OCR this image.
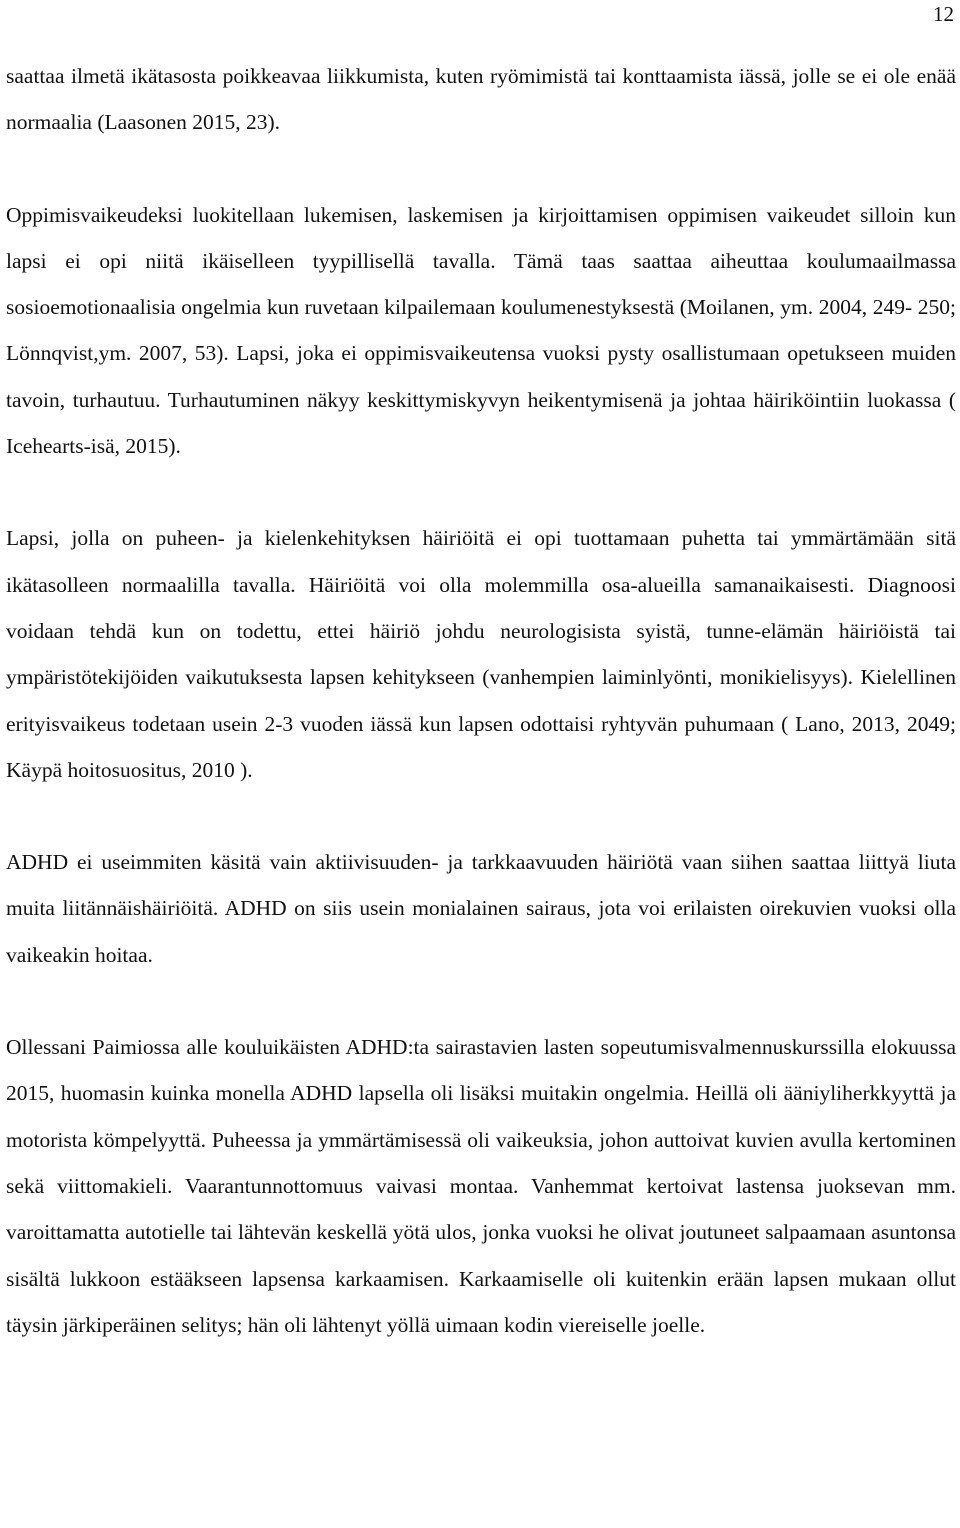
12

saattaa ilmetä ikätasosta poikkeavaa liikkumista, kuten ryömimistä tai konttaamista iässä, jolle se ei ole enää normaalia (Laasonen 2015, 23).

Oppimisvaikeudeksi luokitellaan lukemisen, laskemisen ja kirjoittamisen oppimisen vaikeudet silloin kun lapsi ei opi niitä ikäiselleen tyypillisellä tavalla. Tämä taas saattaa aiheuttaa koulumaailmassa sosioemotionaalisia ongelmia kun ruvetaan kilpailemaan koulumenestyksestä (Moilanen, ym. 2004, 249- 250; Lönnqvist,ym. 2007, 53). Lapsi, joka ei oppimisvaikeutensa vuoksi pysty osallistumaan opetukseen muiden tavoin, turhautuu. Turhautuminen näkyy keskittymiskyvyn heikentymisenä ja johtaa häiriköintiin luokassa ( Icehearts-isä, 2015).

Lapsi, jolla on puheen- ja kielenkehityksen häiriöitä ei opi tuottamaan puhetta tai ymmärtämään sitä ikätasolleen normaalilla tavalla. Häiriöitä voi olla molemmilla osa-alueilla samanaikaisesti. Diagnoosi voidaan tehdä kun on todettu, ettei häiriö johdu neurologisista syistä, tunne-elämän häiriöistä tai ympäristötekijöiden vaikutuksesta lapsen kehitykseen (vanhempien laiminlyönti, monikielisyys). Kielellinen erityisvaikeus todetaan usein 2-3 vuoden iässä kun lapsen odottaisi ryhtyvän puhumaan ( Lano, 2013, 2049; Käypä hoitosuositus, 2010 ).

ADHD ei useimmiten käsitä vain aktiivisuuden- ja tarkkaavuuden häiriötä vaan siihen saattaa liittyä liuta muita liitännäishäiriöitä. ADHD on siis usein monialainen sairaus, jota voi erilaisten oirekuvien vuoksi olla vaikeakin hoitaa.

Ollessani Paimiossa alle kouluikäisten ADHD:ta sairastavien lasten sopeutumisvalmennuskurssilla elokuussa 2015, huomasin kuinka monella ADHD lapsella oli lisäksi muitakin ongelmia. Heillä oli ääniyliherkkyyttä ja motorista kömpelyyttä. Puheessa ja ymmärtämisessä oli vaikeuksia, johon auttoivat kuvien avulla kertominen sekä viittomakieli. Vaarantunnottomuus vaivasi montaa. Vanhemmat kertoivat lastensa juoksevan mm. varoittamatta autotielle tai lähtevän keskellä yötä ulos, jonka vuoksi he olivat joutuneet salpaamaan asuntonsa sisältä lukkoon estääkseen lapsensa karkaamisen. Karkaamiselle oli kuitenkin erään lapsen mukaan ollut täysin järkiperäinen selitys; hän oli lähtenyt yöllä uimaan kodin viereiselle joelle.
